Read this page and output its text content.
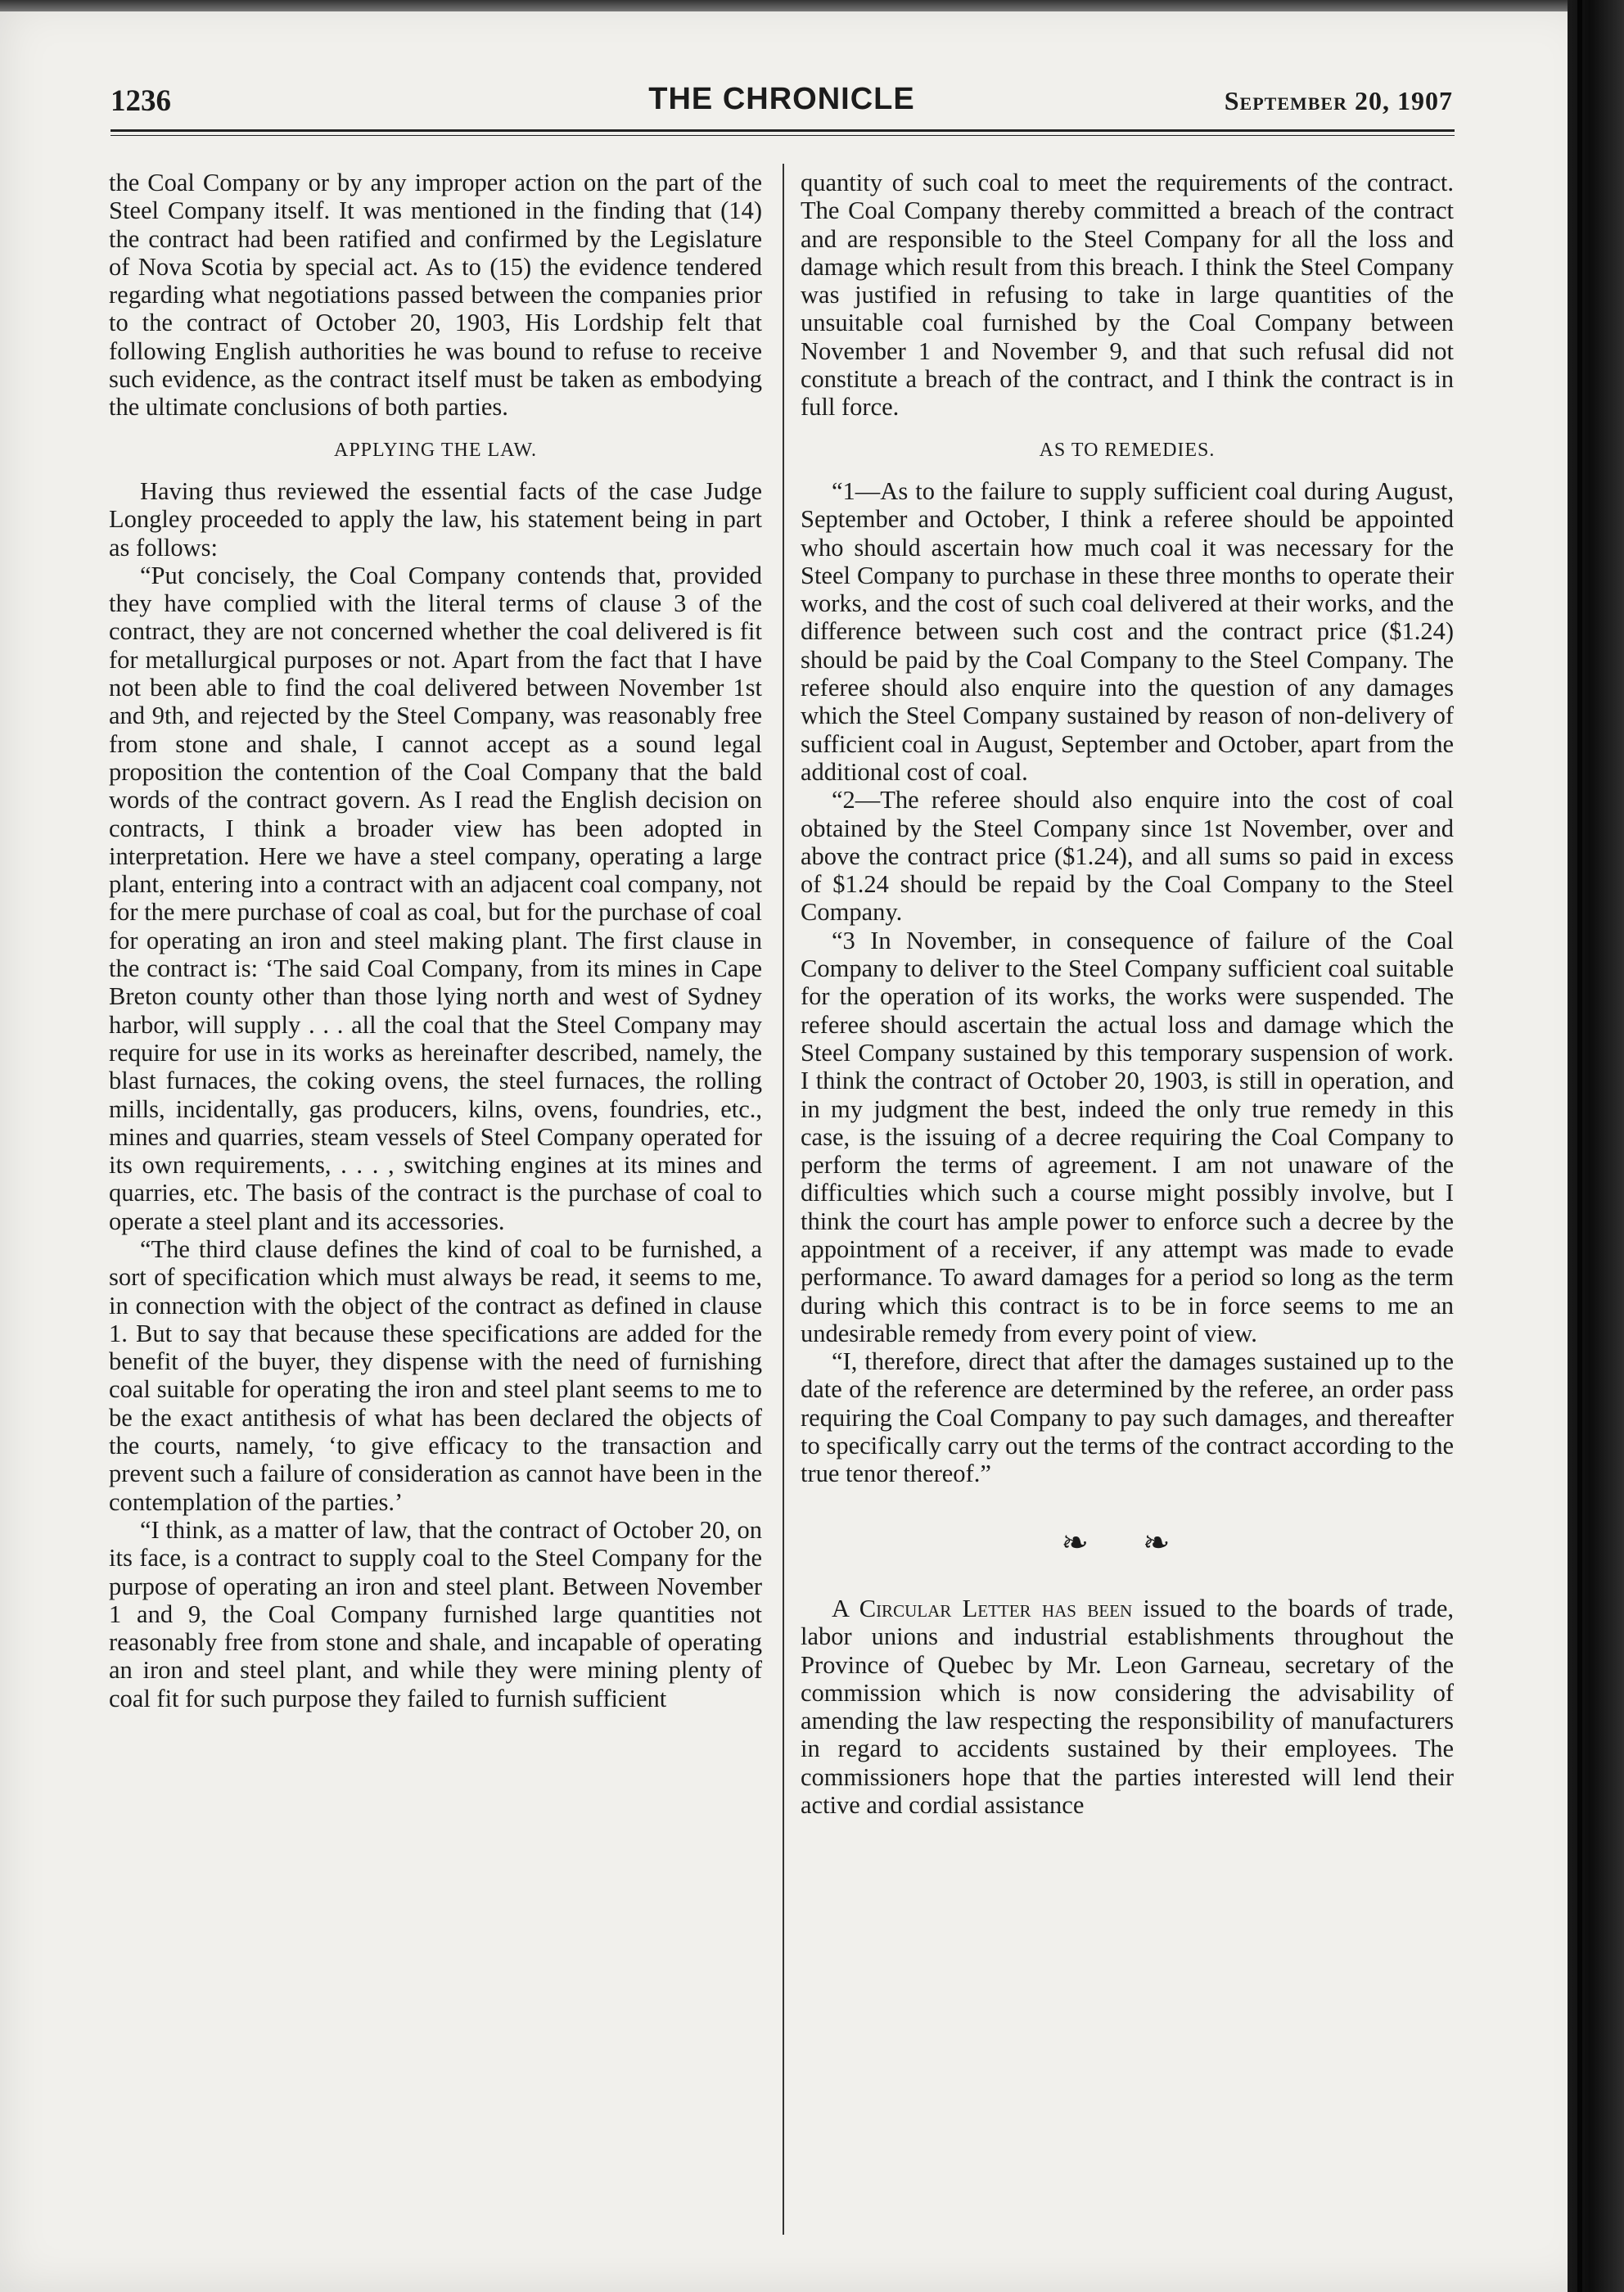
1236	THE CHRONICLE	September 20, 1907

the Coal Company or by any improper action on the part of the Steel Company itself. It was mentioned in the finding that (14) the contract had been ratified and confirmed by the Legislature of Nova Scotia by special act. As to (15) the evidence tendered regarding what negotiations passed between the companies prior to the contract of October 20, 1903, His Lordship felt that following English authorities he was bound to refuse to receive such evidence, as the contract itself must be taken as embodying the ultimate conclusions of both parties.

APPLYING THE LAW.

Having thus reviewed the essential facts of the case Judge Longley proceeded to apply the law, his statement being in part as follows:

“Put concisely, the Coal Company contends that, provided they have complied with the literal terms of clause 3 of the contract, they are not concerned whether the coal delivered is fit for metallurgical purposes or not. Apart from the fact that I have not been able to find the coal delivered between November 1st and 9th, and rejected by the Steel Company, was reasonably free from stone and shale, I cannot accept as a sound legal proposition the contention of the Coal Company that the bald words of the contract govern. As I read the English decision on contracts, I think a broader view has been adopted in interpretation. Here we have a steel company, operating a large plant, entering into a contract with an adjacent coal company, not for the mere purchase of coal as coal, but for the purchase of coal for operating an iron and steel making plant. The first clause in the contract is: ‘The said Coal Company, from its mines in Cape Breton county other than those lying north and west of Sydney harbor, will supply . . . all the coal that the Steel Company may require for use in its works as hereinafter described, namely, the blast furnaces, the coking ovens, the steel furnaces, the rolling mills, incidentally, gas producers, kilns, ovens, foundries, etc., mines and quarries, steam vessels of Steel Company operated for its own requirements, . . . , switching engines at its mines and quarries, etc. The basis of the contract is the purchase of coal to operate a steel plant and its accessories.

“The third clause defines the kind of coal to be furnished, a sort of specification which must always be read, it seems to me, in connection with the object of the contract as defined in clause 1. But to say that because these specifications are added for the benefit of the buyer, they dispense with the need of furnishing coal suitable for operating the iron and steel plant seems to me to be the exact antithesis of what has been declared the objects of the courts, namely, ‘to give efficacy to the transaction and prevent such a failure of consideration as cannot have been in the contemplation of the parties.’

“I think, as a matter of law, that the contract of October 20, on its face, is a contract to supply coal to the Steel Company for the purpose of operating an iron and steel plant. Between November 1 and 9, the Coal Company furnished large quantities not reasonably free from stone and shale, and incapable of operating an iron and steel plant, and while they were mining plenty of coal fit for such purpose they failed to furnish sufficient

quantity of such coal to meet the requirements of the contract. The Coal Company thereby committed a breach of the contract and are responsible to the Steel Company for all the loss and damage which result from this breach. I think the Steel Company was justified in refusing to take in large quantities of the unsuitable coal furnished by the Coal Company between November 1 and November 9, and that such refusal did not constitute a breach of the contract, and I think the contract is in full force.

AS TO REMEDIES.

“1—As to the failure to supply sufficient coal during August, September and October, I think a referee should be appointed who should ascertain how much coal it was necessary for the Steel Company to purchase in these three months to operate their works, and the cost of such coal delivered at their works, and the difference between such cost and the contract price ($1.24) should be paid by the Coal Company to the Steel Company. The referee should also enquire into the question of any damages which the Steel Company sustained by reason of non-delivery of sufficient coal in August, September and October, apart from the additional cost of coal.

“2—The referee should also enquire into the cost of coal obtained by the Steel Company since 1st November, over and above the contract price ($1.24), and all sums so paid in excess of $1.24 should be repaid by the Coal Company to the Steel Company.

“3 In November, in consequence of failure of the Coal Company to deliver to the Steel Company sufficient coal suitable for the operation of its works, the works were suspended. The referee should ascertain the actual loss and damage which the Steel Company sustained by this temporary suspension of work. I think the contract of October 20, 1903, is still in operation, and in my judgment the best, indeed the only true remedy in this case, is the issuing of a decree requiring the Coal Company to perform the terms of agreement. I am not unaware of the difficulties which such a course might possibly involve, but I think the court has ample power to enforce such a decree by the appointment of a receiver, if any attempt was made to evade performance. To award damages for a period so long as the term during which this contract is to be in force seems to me an undesirable remedy from every point of view.

“I, therefore, direct that after the damages sustained up to the date of the reference are determined by the referee, an order pass requiring the Coal Company to pay such damages, and thereafter to specifically carry out the terms of the contract according to the true tenor thereof.”

❧ ❧

A Circular Letter has been issued to the boards of trade, labor unions and industrial establishments throughout the Province of Quebec by Mr. Leon Garneau, secretary of the commission which is now considering the advisability of amending the law respecting the responsibility of manufacturers in regard to accidents sustained by their employees. The commissioners hope that the parties interested will lend their active and cordial assistance
